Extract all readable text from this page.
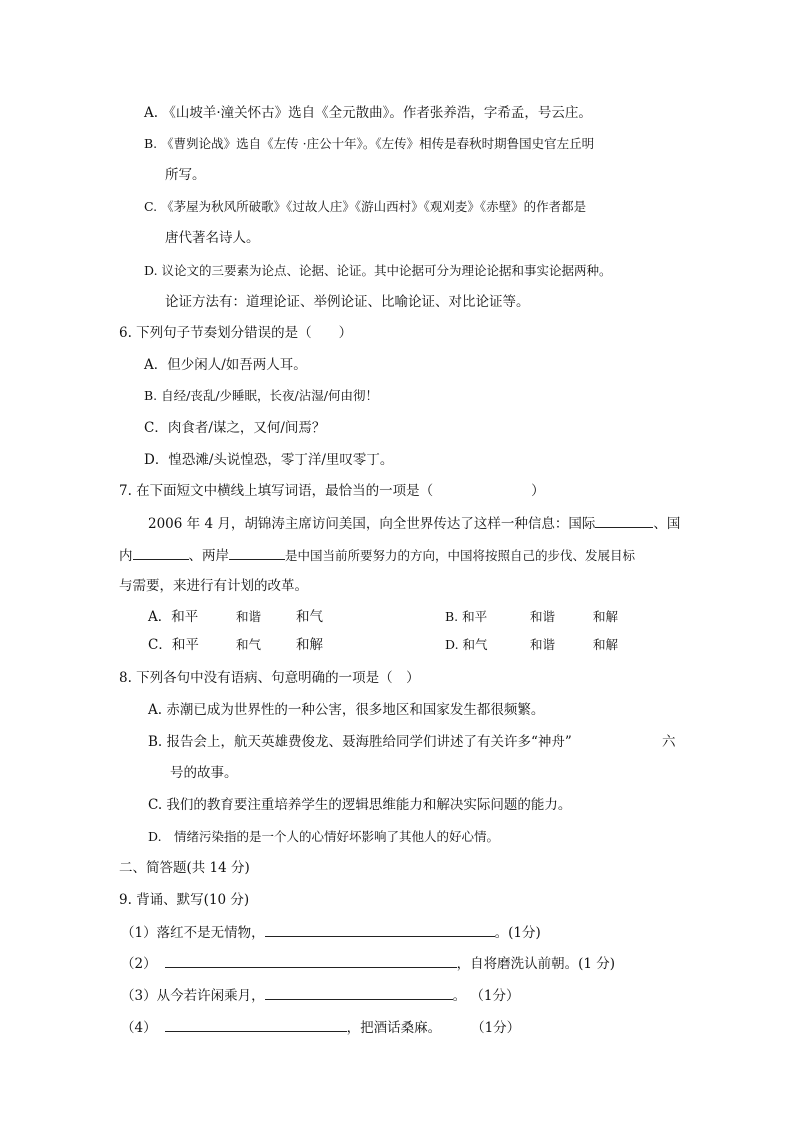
A. 《山坡羊·潼关怀古》选自《全元散曲》。作者张养浩，字希孟，号云庄。
B. 《曹刿论战》选自《左传 ·庄公十年》。《左传》相传是春秋时期鲁国史官左丘明
所写。
C. 《茅屋为秋风所破歌》《过故人庄》《游山西村》《观刈麦》《赤壁》的作者都是
唐代著名诗人。
D. 议论文的三要素为论点、论据、论证。其中论据可分为理论论据和事实论据两种。
论证方法有：道理论证、举例论证、比喻论证、对比论证等。
6. 下列句子节奏划分错误的是（　　）
A．但少闲人/如吾两人耳。
B. 自经/丧乱/少睡眠，长夜/沾湿/何由彻！
C．肉食者/谋之，又何/间焉？
D．惶恐滩/头说惶恐，零丁洋/里叹零丁。
7. 在下面短文中横线上填写词语，最恰当的一项是（	）
2006 年 4 月，胡锦涛主席访问美国，向全世界传达了这样一种信息：国际	、国
内	、两岸	是中国当前所要努力的方向，中国将按照自己的步伐、发展目标
与需要，来进行有计划的改革。
A．和平	和谐	和气	B. 和平	和谐	和解
C．和平	和气	和解	D. 和气	和谐	和解
8. 下列各句中没有语病、句意明确的一项是（　）
A. 赤潮已成为世界性的一种公害，很多地区和国家发生都很频繁。
B. 报告会上，航天英雄费俊龙、聂海胜给同学们讲述了有关许多“神舟”	六
号的故事。
C. 我们的教育要注重培养学生的逻辑思维能力和解决实际问题的能力。
D.　情绪污染指的是一个人的心情好坏影响了其他人的好心情。
二、简答题(共 14 分)
9. 背诵、默写(10 分)
（1）落红不是无情物，	。(1分)
（2）	，自将磨洗认前朝。(1 分)
（3）从今若许闲乘月，	。 （1分）
（4）	，把酒话桑麻。 （1分）
